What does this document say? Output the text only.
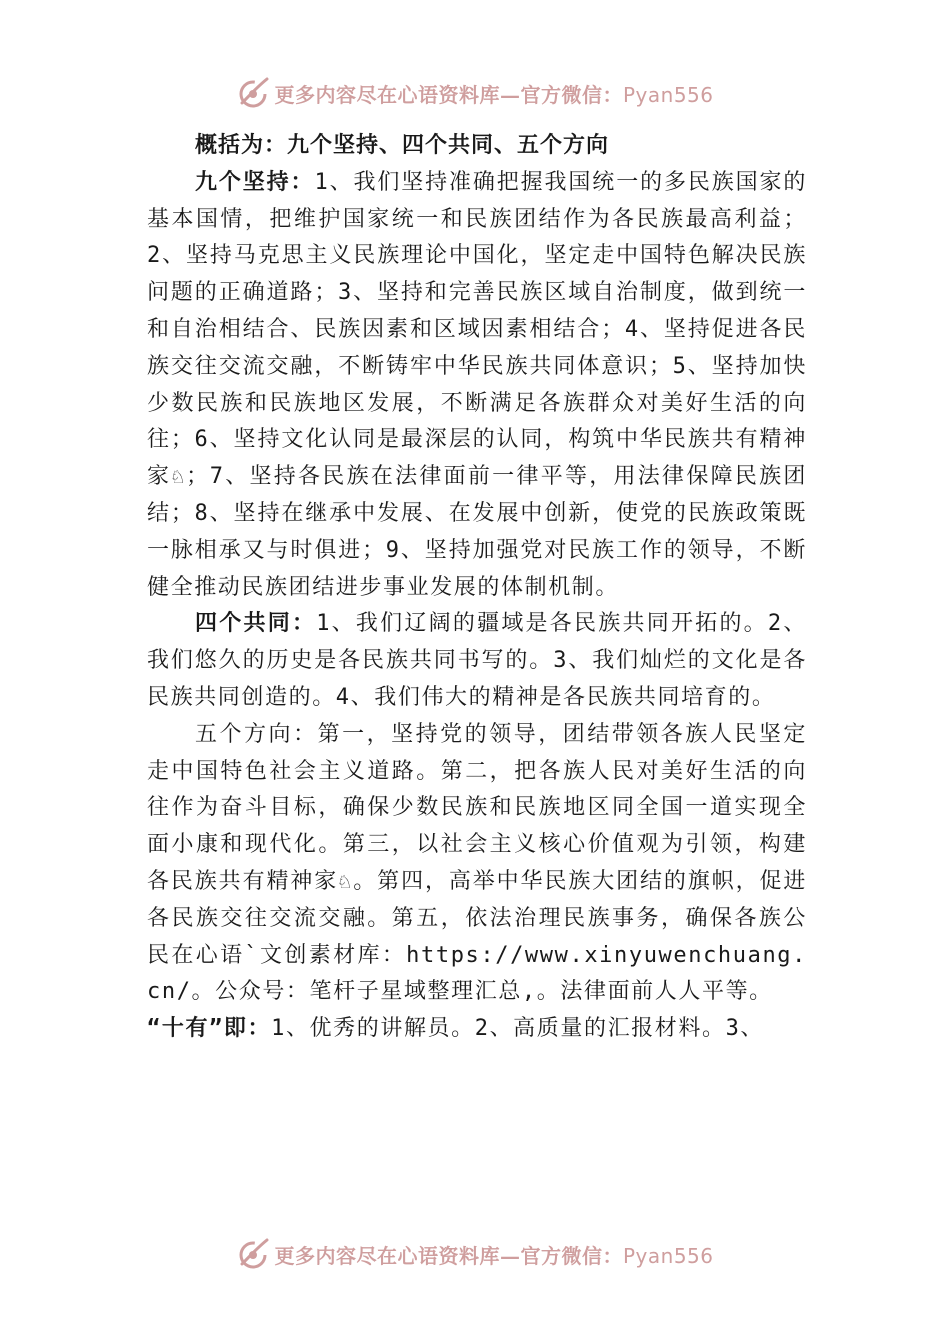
更多内容尽在心语资料库—官方微信：Pyan556

概括为：九个坚持、四个共同、五个方向

九个坚持：1、我们坚持准确把握我国统一的多民族国家的基本国情，把维护国家统一和民族团结作为各民族最高利益；2、坚持马克思主义民族理论中国化，坚定走中国特色解决民族问题的正确道路；3、坚持和完善民族区域自治制度，做到统一和自治相结合、民族因素和区域因素相结合；4、坚持促进各民族交往交流交融，不断铸牢中华民族共同体意识；5、坚持加快少数民族和民族地区发展，不断满足各族群众对美好生活的向往；6、坚持文化认同是最深层的认同，构筑中华民族共有精神家♘；7、坚持各民族在法律面前一律平等，用法律保障民族团结；8、坚持在继承中发展、在发展中创新，使党的民族政策既一脉相承又与时俱进；9、坚持加强党对民族工作的领导，不断健全推动民族团结进步事业发展的体制机制。

四个共同：1、我们辽阔的疆域是各民族共同开拓的。2、我们悠久的历史是各民族共同书写的。3、我们灿烂的文化是各民族共同创造的。4、我们伟大的精神是各民族共同培育的。

五个方向：第一，坚持党的领导，团结带领各族人民坚定走中国特色社会主义道路。第二，把各族人民对美好生活的向往作为奋斗目标，确保少数民族和民族地区同全国一道实现全面小康和现代化。第三，以社会主义核心价值观为引领，构建各民族共有精神家♘。第四，高举中华民族大团结的旗帜，促进各民族交往交流交融。第五，依法治理民族事务，确保各族公民在心语`文创素材库：https://www.xinyuwenchuang.cn/。公众号：笔杆子星域整理汇总,。法律面前人人平等。

“十有”即：1、优秀的讲解员。2、高质量的汇报材料。3、

更多内容尽在心语资料库—官方微信：Pyan556
